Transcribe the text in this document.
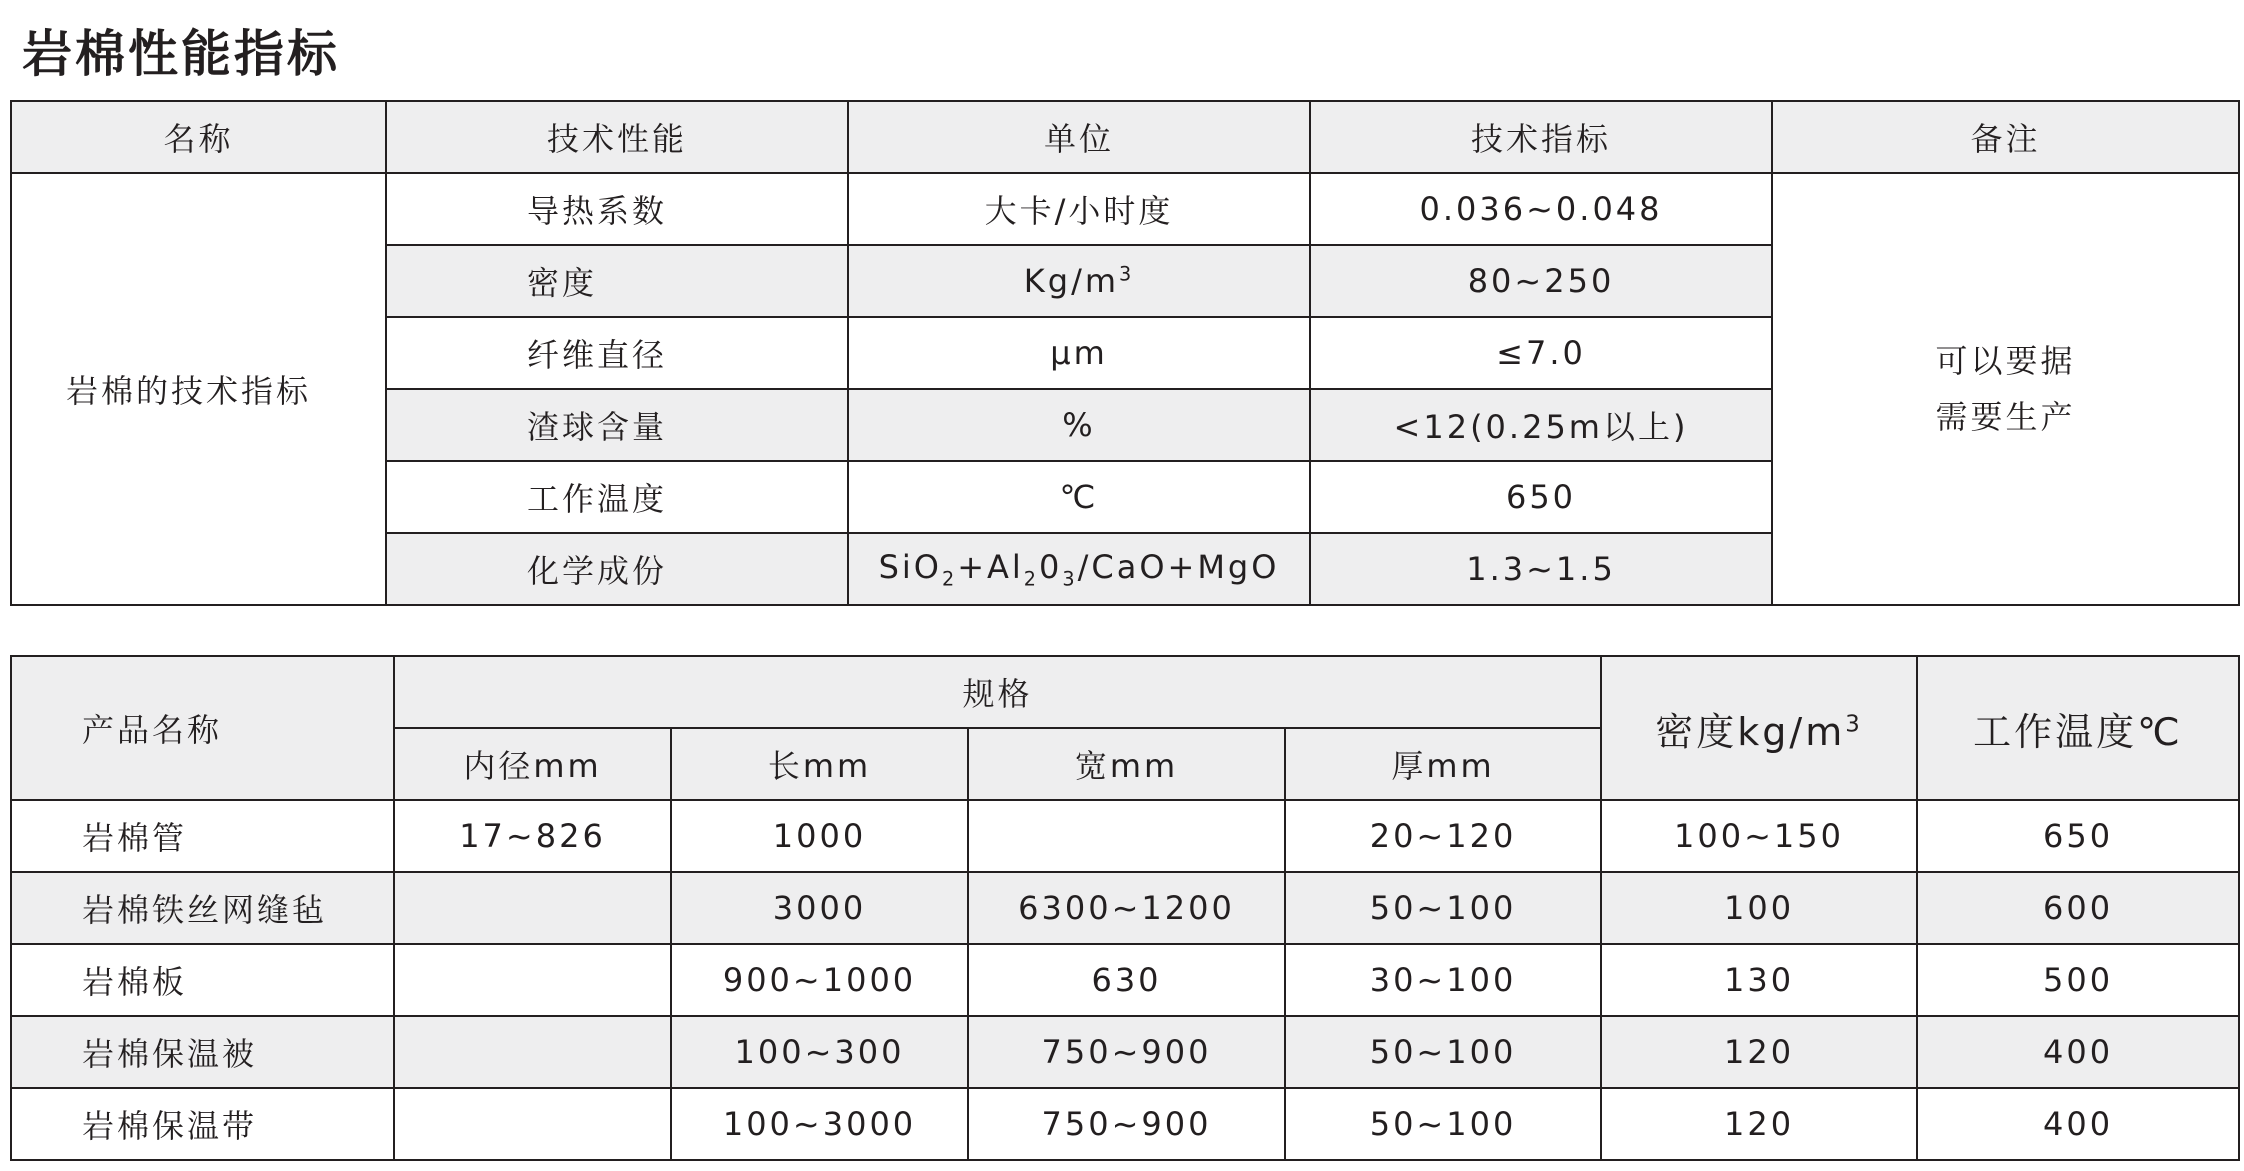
岩棉性能指标
名称	技术性能	单位	技术指标	备注
岩棉的技术指标	导热系数	大卡/小时度	0.036~0.048	可以要据
需要生产

	密度	$Kg/m^3$	80~250	
	纤维直径	μm	≤7.0	
	渣球含量	%	<12(0.25m以上)	
	工作温度	℃	650	
	化学成份	$SiO_2+Al_20_3/CaO+MgO$	1.3~1.5	
产品名称	规格				密度$kg/m^3$	工作温度℃
	内径mm	长mm	宽mm	厚mm		
岩棉管	17~826	1000		20~120	100~150	650
岩棉铁丝网缝毡		3000	6300~1200	50~100	100	600
岩棉板		900~1000	630	30~100	130	500
岩棉保温被		100~300	750~900	50~100	120	400
岩棉保温带		100~3000	750~900	50~100	120	400
